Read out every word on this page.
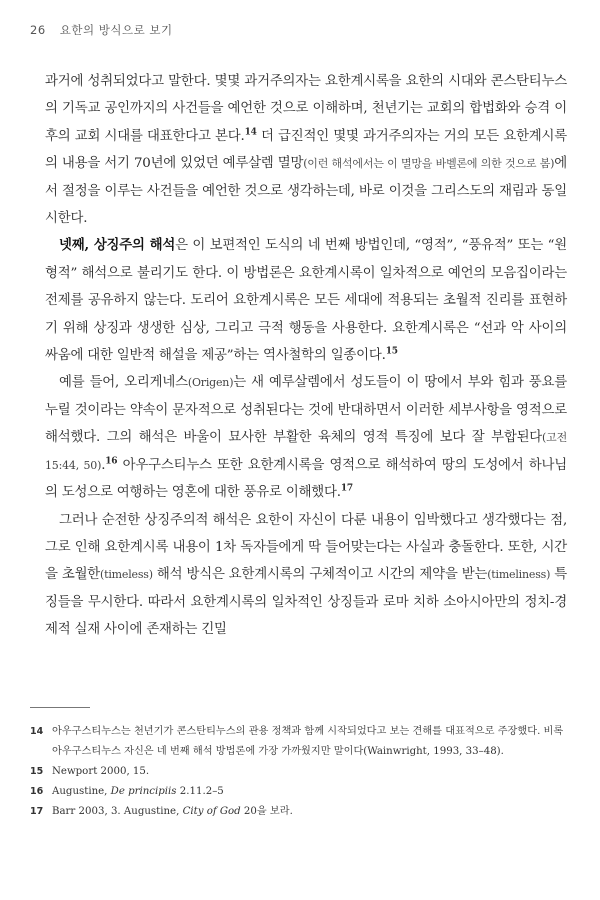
26 요한의 방식으로 보기

과거에 성취되었다고 말한다. 몇몇 과거주의자는 요한계시록을 요한의 시대와 콘스탄티누스의 기독교 공인까지의 사건들을 예언한 것으로 이해하며, 천년기는 교회의 합법화와 승격 이후의 교회 시대를 대표한다고 본다.$^{14}$ 더 급진적인 몇몇 과거주의자는 거의 모든 요한계시록의 내용을 서기 70년에 있었던 예루살렘 멸망(이런 해석에서는 이 멸망을 바벨론에 의한 것으로 봄)에서 절정을 이루는 사건들을 예언한 것으로 생각하는데, 바로 이것을 그리스도의 재림과 동일시한다.

넷째, 상징주의 해석은 이 보편적인 도식의 네 번째 방법인데, “영적”, “풍유적” 또는 “원형적” 해석으로 불리기도 한다. 이 방법론은 요한계시록이 일차적으로 예언의 모음집이라는 전제를 공유하지 않는다. 도리어 요한계시록은 모든 세대에 적용되는 초월적 진리를 표현하기 위해 상징과 생생한 심상, 그리고 극적 행동을 사용한다. 요한계시록은 “선과 악 사이의 싸움에 대한 일반적 해설을 제공”하는 역사철학의 일종이다.$^{15}$

예를 들어, 오리게네스(Origen)는 새 예루살렘에서 성도들이 이 땅에서 부와 힘과 풍요를 누릴 것이라는 약속이 문자적으로 성취된다는 것에 반대하면서 이러한 세부사항을 영적으로 해석했다. 그의 해석은 바울이 묘사한 부활한 육체의 영적 특징에 보다 잘 부합된다(고전 15:44, 50).$^{16}$ 아우구스티누스 또한 요한계시록을 영적으로 해석하여 땅의 도성에서 하나님의 도성으로 여행하는 영혼에 대한 풍유로 이해했다.$^{17}$

그러나 순전한 상징주의적 해석은 요한이 자신이 다룬 내용이 임박했다고 생각했다는 점, 그로 인해 요한계시록 내용이 1차 독자들에게 딱 들어맞는다는 사실과 충돌한다. 또한, 시간을 초월한(timeless) 해석 방식은 요한계시록의 구체적이고 시간의 제약을 받는(timeliness) 특징들을 무시한다. 따라서 요한계시록의 일차적인 상징들과 로마 치하 소아시아만의 정치-경제적 실재 사이에 존재하는 긴밀

14 아우구스티누스는 천년기가 콘스탄티누스의 관용 정책과 함께 시작되었다고 보는 견해를 대표적으로 주장했다. 비록 아우구스티누스 자신은 네 번째 해석 방법론에 가장 가까웠지만 말이다(Wainwright, 1993, 33–48).
15 Newport 2000, 15.
16 Augustine, De principiis 2.11.2–5
17 Barr 2003, 3. Augustine, City of God 20을 보라.
